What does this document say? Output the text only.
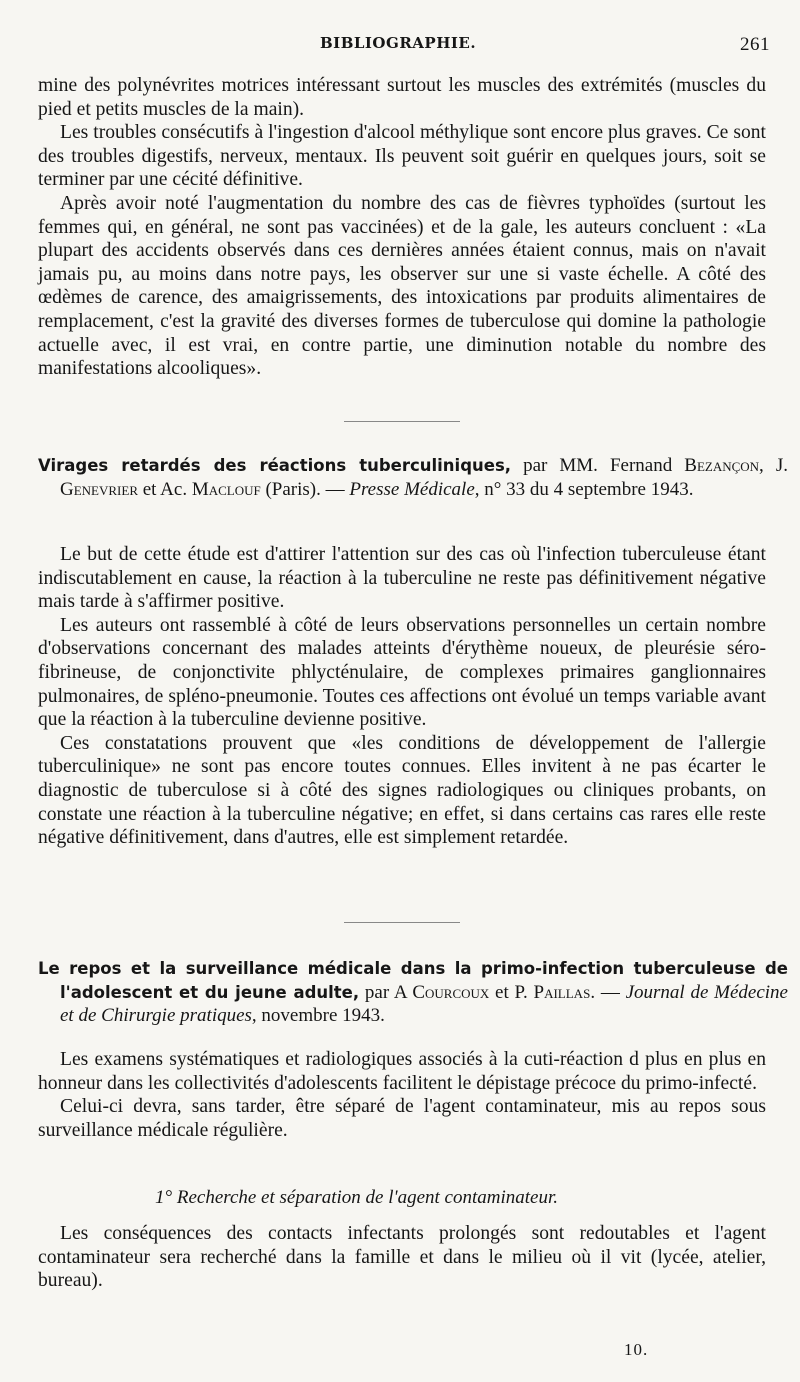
BIBLIOGRAPHIE.	261

mine des polynévrites motrices intéressant surtout les muscles des extrémités (muscles du pied et petits muscles de la main).

Les troubles consécutifs à l'ingestion d'alcool méthylique sont encore plus graves. Ce sont des troubles digestifs, nerveux, mentaux. Ils peuvent soit guérir en quelques jours, soit se terminer par une cécité définitive.

Après avoir noté l'augmentation du nombre des cas de fièvres typhoïdes (surtout les femmes qui, en général, ne sont pas vaccinées) et de la gale, les auteurs concluent : «La plupart des accidents observés dans ces dernières années étaient connus, mais on n'avait jamais pu, au moins dans notre pays, les observer sur une si vaste échelle. A côté des œdèmes de carence, des amaigrissements, des intoxications par produits alimentaires de remplacement, c'est la gravité des diverses formes de tuberculose qui domine la pathologie actuelle avec, il est vrai, en contre partie, une diminution notable du nombre des manifestations alcooliques».

Virages retardés des réactions tuberculiniques, par MM. Fernand Bezançon, J. Genevrier et Ac. Maclouf (Paris). — Presse Médicale, n° 33 du 4 septembre 1943.

Le but de cette étude est d'attirer l'attention sur des cas où l'infection tuberculeuse étant indiscutablement en cause, la réaction à la tuberculine ne reste pas définitivement négative mais tarde à s'affirmer positive.

Les auteurs ont rassemblé à côté de leurs observations personnelles un certain nombre d'observations concernant des malades atteints d'érythème noueux, de pleurésie séro-fibrineuse, de conjonctivite phlycténulaire, de complexes primaires ganglionnaires pulmonaires, de spléno-pneumonie. Toutes ces affections ont évolué un temps variable avant que la réaction à la tuberculine devienne positive.

Ces constatations prouvent que «les conditions de développement de l'allergie tuberculinique» ne sont pas encore toutes connues. Elles invitent à ne pas écarter le diagnostic de tuberculose si à côté des signes radiologiques ou cliniques probants, on constate une réaction à la tuberculine négative; en effet, si dans certains cas rares elle reste négative définitivement, dans d'autres, elle est simplement retardée.

Le repos et la surveillance médicale dans la primo-infection tuberculeuse de l'adolescent et du jeune adulte, par A Courcoux et P. Paillas. — Journal de Médecine et de Chirurgie pratiques, novembre 1943.

Les examens systématiques et radiologiques associés à la cuti-réaction d plus en plus en honneur dans les collectivités d'adolescents facilitent le dépistage précoce du primo-infecté.

Celui-ci devra, sans tarder, être séparé de l'agent contaminateur, mis au repos sous surveillance médicale régulière.

1° Recherche et séparation de l'agent contaminateur.

Les conséquences des contacts infectants prolongés sont redoutables et l'agent contaminateur sera recherché dans la famille et dans le milieu où il vit (lycée, atelier, bureau).

10.
